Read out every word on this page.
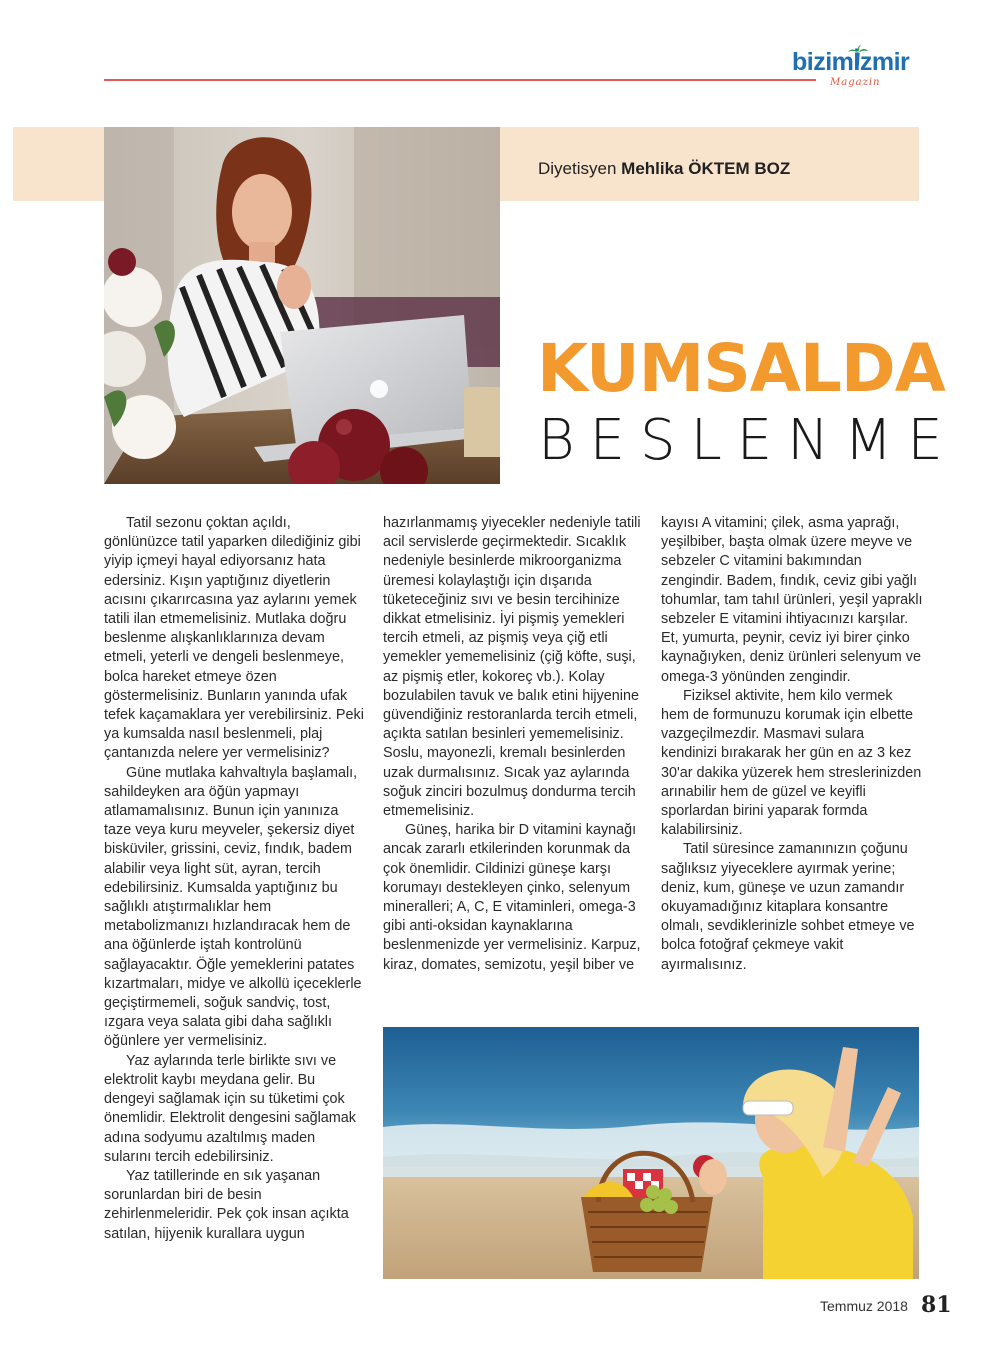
bizimİzmir
Magazin
Diyetisyen Mehlika ÖKTEM BOZ
KUMSALDA
BESLENME

Tatil sezonu çoktan açıldı, gönlünüzce tatil yaparken dilediğiniz gibi yiyip içmeyi hayal ediyorsanız hata edersiniz. Kışın yaptığınız diyetlerin acısını çıkarırcasına yaz aylarını yemek tatili ilan etmemelisiniz. Mutlaka doğru beslenme alışkanlıklarınıza devam etmeli, yeterli ve dengeli beslenmeye, bolca hareket etmeye özen göstermelisiniz. Bunların yanında ufak tefek kaçamaklara yer verebilirsiniz. Peki ya kumsalda nasıl beslenmeli, plaj çantanızda nelere yer vermelisiniz?

Güne mutlaka kahvaltıyla başlamalı, sahildeyken ara öğün yapmayı atlamamalısınız. Bunun için yanınıza taze veya kuru meyveler, şekersiz diyet bisküviler, grissini, ceviz, fındık, badem alabilir veya light süt, ayran, tercih edebilirsiniz. Kumsalda yaptığınız bu sağlıklı atıştırmalıklar hem metabolizmanızı hızlandıracak hem de ana öğünlerde iştah kontrolünü sağlayacaktır. Öğle yemeklerini patates kızartmaları, midye ve alkollü içeceklerle geçiştirmemeli, soğuk sandviç, tost, ızgara veya salata gibi daha sağlıklı öğünlere yer vermelisiniz.

Yaz aylarında terle birlikte sıvı ve elektrolit kaybı meydana gelir. Bu dengeyi sağlamak için su tüketimi çok önemlidir. Elektrolit dengesini sağlamak adına sodyumu azaltılmış maden sularını tercih edebilirsiniz.

Yaz tatillerinde en sık yaşanan sorunlardan biri de besin zehirlenmeleridir. Pek çok insan açıkta satılan, hijyenik kurallara uygun

hazırlanmamış yiyecekler nedeniyle tatili acil servislerde geçirmektedir. Sıcaklık nedeniyle besinlerde mikroorganizma üremesi kolaylaştığı için dışarıda tüketeceğiniz sıvı ve besin tercihinize dikkat etmelisiniz. İyi pişmiş yemekleri tercih etmeli, az pişmiş veya çiğ etli yemekler yememelisiniz (çiğ köfte, suşi, az pişmiş etler, kokoreç vb.). Kolay bozulabilen tavuk ve balık etini hijyenine güvendiğiniz restoranlarda tercih etmeli, açıkta satılan besinleri yememelisiniz. Soslu, mayonezli, kremalı besinlerden uzak durmalısınız. Sıcak yaz aylarında soğuk zinciri bozulmuş dondurma tercih etmemelisiniz.

Güneş, harika bir D vitamini kaynağı ancak zararlı etkilerinden korunmak da çok önemlidir. Cildinizi güneşe karşı korumayı destekleyen çinko, selenyum mineralleri; A, C, E vitaminleri, omega-3 gibi anti-oksidan kaynaklarına beslenmenizde yer vermelisiniz. Karpuz, kiraz, domates, semizotu, yeşil biber ve

kayısı A vitamini; çilek, asma yaprağı, yeşilbiber, başta olmak üzere meyve ve sebzeler C vitamini bakımından zengindir. Badem, fındık, ceviz gibi yağlı tohumlar, tam tahıl ürünleri, yeşil yapraklı sebzeler E vitamini ihtiyacınızı karşılar. Et, yumurta, peynir, ceviz iyi birer çinko kaynağıyken, deniz ürünleri selenyum ve omega-3 yönünden zengindir.

Fiziksel aktivite, hem kilo vermek hem de formunuzu korumak için elbette vazgeçilmezdir. Masmavi sulara kendinizi bırakarak her gün en az 3 kez 30'ar dakika yüzerek hem streslerinizden arınabilir hem de güzel ve keyifli sporlardan birini yaparak formda kalabilirsiniz.

Tatil süresince zamanınızın çoğunu sağlıksız yiyeceklere ayırmak yerine; deniz, kum, güneşe ve uzun zamandır okuyamadığınız kitaplara konsantre olmalı, sevdiklerinizle sohbet etmeye ve bolca fotoğraf çekmeye vakit ayırmalısınız.

Temmuz 2018 81
